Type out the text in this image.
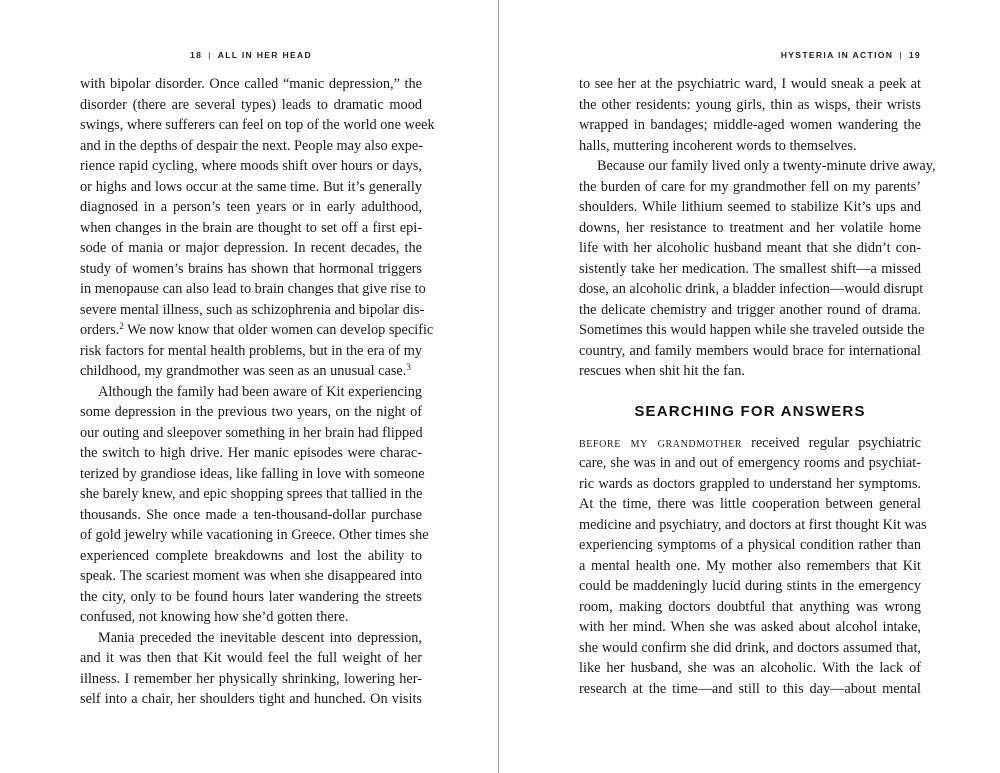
18 | ALL IN HER HEAD
with bipolar disorder. Once called “manic depression,” the
disorder (there are several types) leads to dramatic mood
swings, where sufferers can feel on top of the world one week
and in the depths of despair the next. People may also expe-
rience rapid cycling, where moods shift over hours or days,
or highs and lows occur at the same time. But it’s generally
diagnosed in a person’s teen years or in early adulthood,
when changes in the brain are thought to set off a first epi-
sode of mania or major depression. In recent decades, the
study of women’s brains has shown that hormonal triggers
in menopause can also lead to brain changes that give rise to
severe mental illness, such as schizophrenia and bipolar dis-
orders.$^2$ We now know that older women can develop specific
risk factors for mental health problems, but in the era of my
childhood, my grandmother was seen as an unusual case.$^3$
Although the family had been aware of Kit experiencing
some depression in the previous two years, on the night of
our outing and sleepover something in her brain had flipped
the switch to high drive. Her manic episodes were charac-
terized by grandiose ideas, like falling in love with someone
she barely knew, and epic shopping sprees that tallied in the
thousands. She once made a ten-thousand-dollar purchase
of gold jewelry while vacationing in Greece. Other times she
experienced complete breakdowns and lost the ability to
speak. The scariest moment was when she disappeared into
the city, only to be found hours later wandering the streets
confused, not knowing how she’d gotten there.
Mania preceded the inevitable descent into depression,
and it was then that Kit would feel the full weight of her
illness. I remember her physically shrinking, lowering her-
self into a chair, her shoulders tight and hunched. On visits
HYSTERIA IN ACTION | 19
to see her at the psychiatric ward, I would sneak a peek at
the other residents: young girls, thin as wisps, their wrists
wrapped in bandages; middle-aged women wandering the
halls, muttering incoherent words to themselves.
Because our family lived only a twenty-minute drive away,
the burden of care for my grandmother fell on my parents’
shoulders. While lithium seemed to stabilize Kit’s ups and
downs, her resistance to treatment and her volatile home
life with her alcoholic husband meant that she didn’t con-
sistently take her medication. The smallest shift—a missed
dose, an alcoholic drink, a bladder infection—would disrupt
the delicate chemistry and trigger another round of drama.
Sometimes this would happen while she traveled outside the
country, and family members would brace for international
rescues when shit hit the fan.
SEARCHING FOR ANSWERS
before my grandmother received regular psychiatric
care, she was in and out of emergency rooms and psychiat-
ric wards as doctors grappled to understand her symptoms.
At the time, there was little cooperation between general
medicine and psychiatry, and doctors at first thought Kit was
experiencing symptoms of a physical condition rather than
a mental health one. My mother also remembers that Kit
could be maddeningly lucid during stints in the emergency
room, making doctors doubtful that anything was wrong
with her mind. When she was asked about alcohol intake,
she would confirm she did drink, and doctors assumed that,
like her husband, she was an alcoholic. With the lack of
research at the time—and still to this day—about mental
